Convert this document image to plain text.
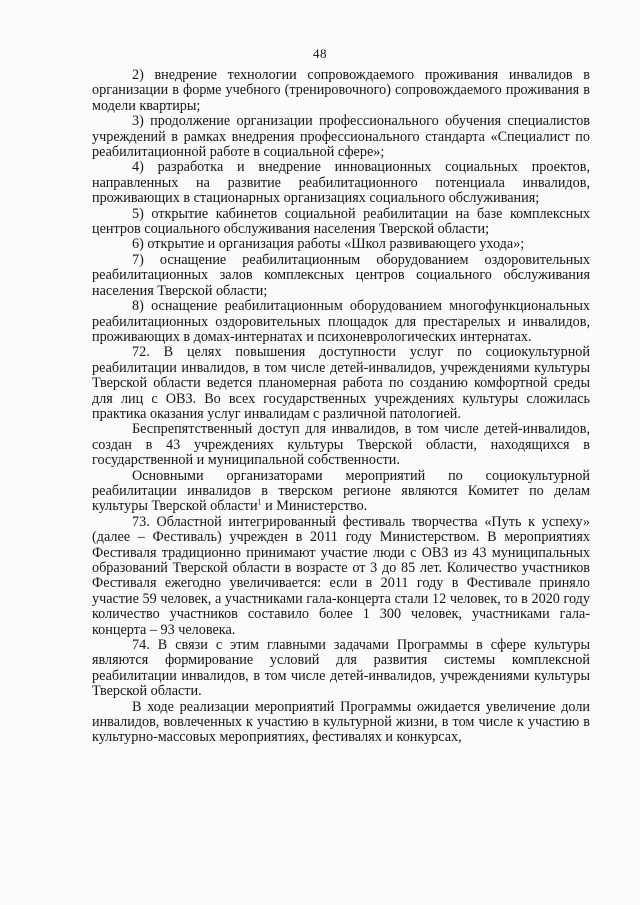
48

2) внедрение технологии сопровождаемого проживания инвалидов в организации в форме учебного (тренировочного) сопровождаемого проживания в модели квартиры;

3) продолжение организации профессионального обучения специалистов учреждений в рамках внедрения профессионального стандарта «Специалист по реабилитационной работе в социальной сфере»;

4) разработка и внедрение инновационных социальных проектов, направленных на развитие реабилитационного потенциала инвалидов, проживающих в стационарных организациях социального обслуживания;

5) открытие кабинетов социальной реабилитации на базе комплексных центров социального обслуживания населения Тверской области;

6) открытие и организация работы «Школ развивающего ухода»;

7) оснащение реабилитационным оборудованием оздоровительных реабилитационных залов комплексных центров социального обслуживания населения Тверской области;

8) оснащение реабилитационным оборудованием многофункциональных реабилитационных оздоровительных площадок для престарелых и инвалидов, проживающих в домах-интернатах и психоневрологических интернатах.

72. В целях повышения доступности услуг по социокультурной реабилитации инвалидов, в том числе детей-инвалидов, учреждениями культуры Тверской области ведется планомерная работа по созданию комфортной среды для лиц с ОВЗ. Во всех государственных учреждениях культуры сложилась практика оказания услуг инвалидам с различной патологией.

Беспрепятственный доступ для инвалидов, в том числе детей-инвалидов, создан в 43 учреждениях культуры Тверской области, находящихся в государственной и муниципальной собственности.

Основными организаторами мероприятий по социокультурной реабилитации инвалидов в тверском регионе являются Комитет по делам культуры Тверской области$^1$ и Министерство.

73. Областной интегрированный фестиваль творчества «Путь к успеху» (далее – Фестиваль) учрежден в 2011 году Министерством. В мероприятиях Фестиваля традиционно принимают участие люди с ОВЗ из 43 муниципальных образований Тверской области в возрасте от 3 до 85 лет. Количество участников Фестиваля ежегодно увеличивается: если в 2011 году в Фестивале приняло участие 59 человек, а участниками гала-концерта стали 12 человек, то в 2020 году количество участников составило более 1 300 человек, участниками гала-концерта – 93 человека.

74. В связи с этим главными задачами Программы в сфере культуры являются формирование условий для развития системы комплексной реабилитации инвалидов, в том числе детей-инвалидов, учреждениями культуры Тверской области.

В ходе реализации мероприятий Программы ожидается увеличение доли инвалидов, вовлеченных к участию в культурной жизни, в том числе к участию в культурно-массовых мероприятиях, фестивалях и конкурсах,
